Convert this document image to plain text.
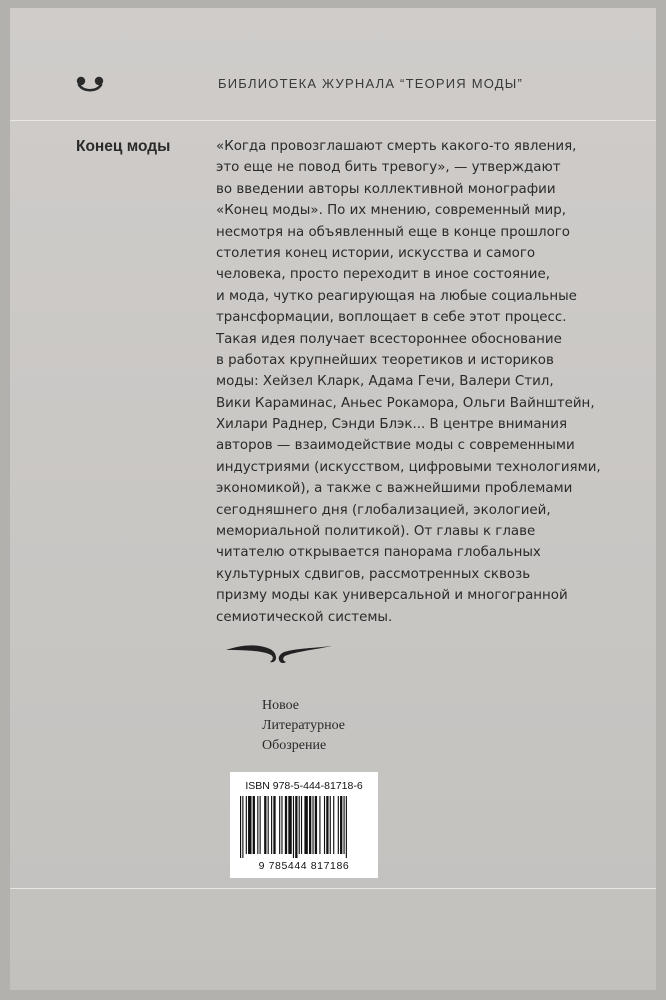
БИБЛИОТЕКА ЖУРНАЛА “ТЕОРИЯ МОДЫ”
Конец моды	«Когда провозглашают смерть какого-то явления,
это еще не повод бить тревогу», — утверждают
во введении авторы коллективной монографии
«Конец моды». По их мнению, современный мир,
несмотря на объявленный еще в конце прошлого
столетия конец истории, искусства и самого
человека, просто переходит в иное состояние,
и мода, чутко реагирующая на любые социальные
трансформации, воплощает в себе этот процесс.
Такая идея получает всестороннее обоснование
в работах крупнейших теоретиков и историков
моды: Хейзел Кларк, Адама Гечи, Валери Стил,
Вики Караминас, Аньес Рокамора, Ольги Вайнштейн,
Хилари Раднер, Сэнди Блэк... В центре внимания
авторов — взаимодействие моды с современными
индустриями (искусством, цифровыми технологиями,
экономикой), а также с важнейшими проблемами
сегодняшнего дня (глобализацией, экологией,
мемориальной политикой). От главы к главе
читателю открывается панорама глобальных
культурных сдвигов, рассмотренных сквозь
призму моды как универсальной и многогранной
семиотической системы.
Новое
Литературное
Обозрение
ISBN 978-5-444-81718-6
9 785444 817186
